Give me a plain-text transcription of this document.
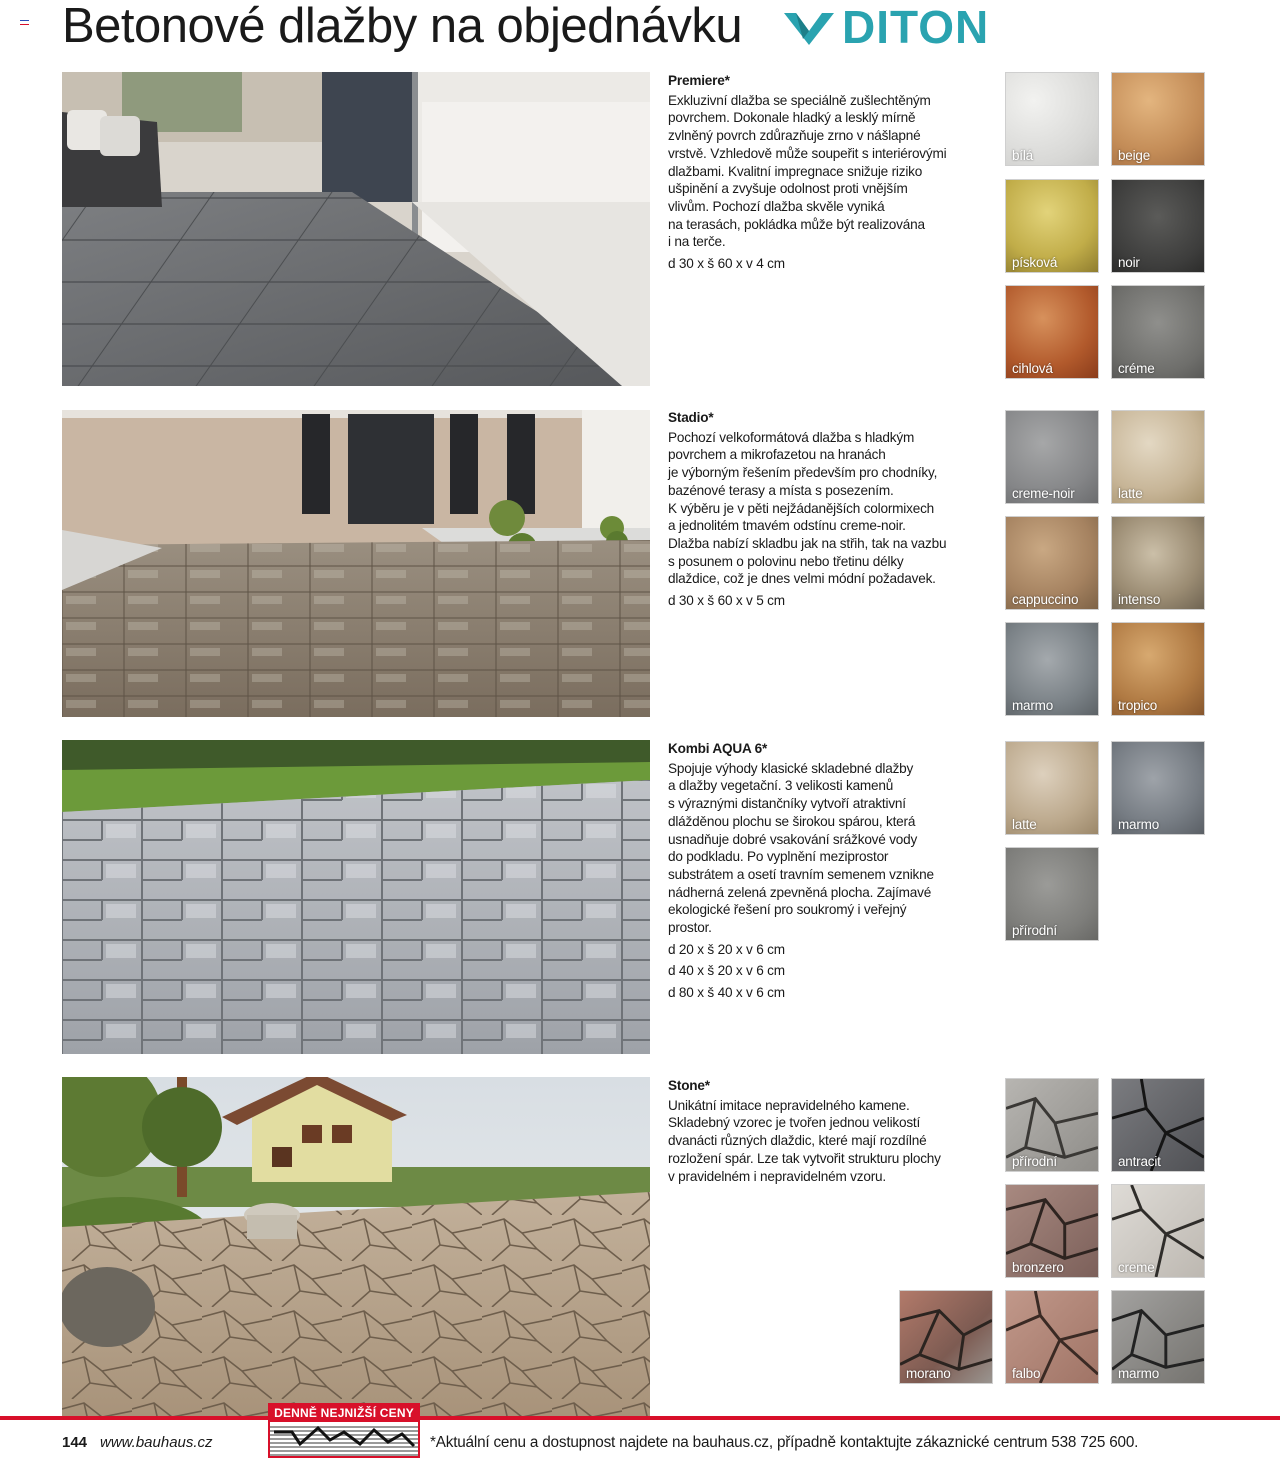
Betonové dlažby na objednávku DITON
Premiere*
Exkluzivní dlažba se speciálně zušlechtěným
povrchem. Dokonale hladký a lesklý mírně
zvlněný povrch zdůrazňuje zrno v nášlapné
vrstvě. Vzhledově může soupeřit s interiérovými
dlažbami. Kvalitní impregnace snižuje riziko
ušpinění a zvyšuje odolnost proti vnějším
vlivům. Pochozí dlažba skvěle vyniká
na terasách, pokládka může být realizována
i na terče.
d 30 x š 60 x v 4 cm
bílá	beige
písková	noir
cihlová	créme
Stadio*
Pochozí velkoformátová dlažba s hladkým
povrchem a mikrofazetou na hranách
je výborným řešením především pro chodníky,
bazénové terasy a místa s posezením.
K výběru je v pěti nejžádanějších colormixech
a jednolitém tmavém odstínu creme-noir.
Dlažba nabízí skladbu jak na střih, tak na vazbu
s posunem o polovinu nebo třetinu délky
dlaždice, což je dnes velmi módní požadavek.
d 30 x š 60 x v 5 cm
creme-noir	latte
cappuccino	intenso
marmo	tropico
Kombi AQUA 6*
Spojuje výhody klasické skladebné dlažby
a dlažby vegetační. 3 velikosti kamenů
s výraznými distančníky vytvoří atraktivní
dlážděnou plochu se širokou spárou, která
usnadňuje dobré vsakování srážkové vody
do podkladu. Po vyplnění meziprostor
substrátem a osetí travním semenem vznikne
nádherná zelená zpevněná plocha. Zajímavé
ekologické řešení pro soukromý i veřejný
prostor.
d 20 x š 20 x v 6 cm
d 40 x š 20 x v 6 cm
d 80 x š 40 x v 6 cm
latte	marmo
přírodní
Stone*
Unikátní imitace nepravidelného kamene.
Skladebný vzorec je tvořen jednou velikostí
dvanácti různých dlaždic, které mají rozdílné
rozložení spár. Lze tak vytvořit strukturu plochy
v pravidelném i nepravidelném vzoru.
přírodní	antracit
bronzero	creme
morano	falbo	marmo
144 www.bauhaus.cz
DENNĚ NEJNIŽŠÍ CENY
*Aktuální cenu a dostupnost najdete na bauhaus.cz, případně kontaktujte zákaznické centrum 538 725 600.
